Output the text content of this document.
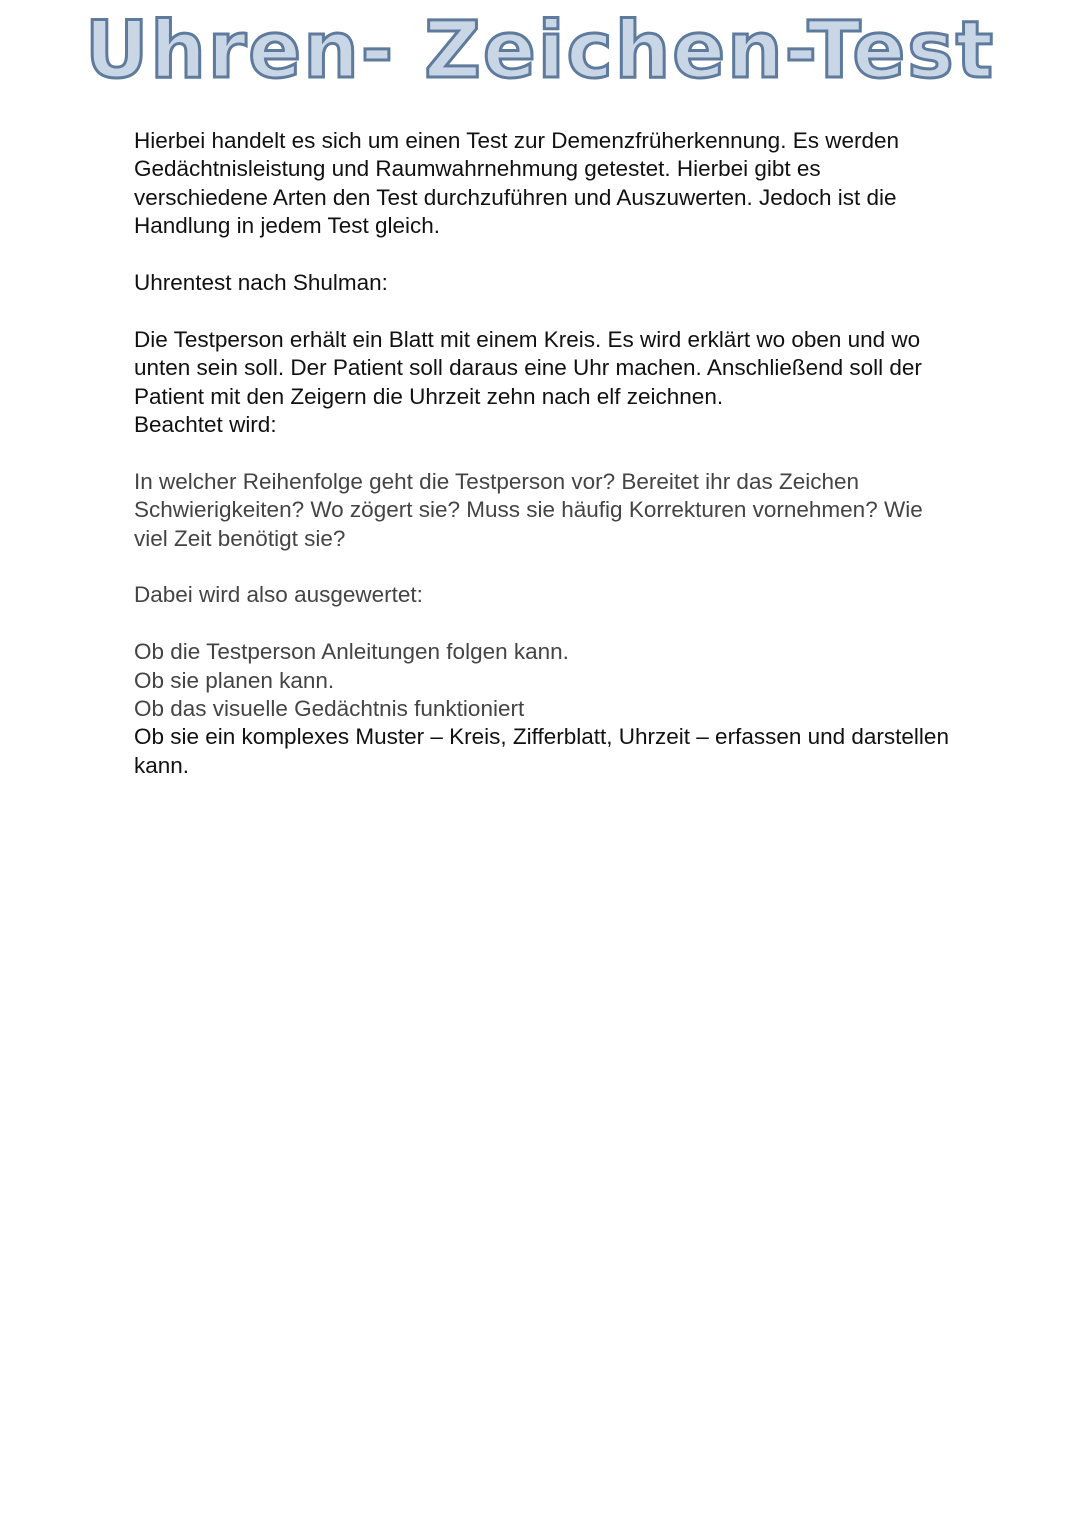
Uhren- Zeichen-Test

Hierbei handelt es sich um einen Test zur Demenzfrüherkennung. Es werden Gedächtnisleistung und Raumwahrnehmung getestet. Hierbei gibt es verschiedene Arten den Test durchzuführen und Auszuwerten. Jedoch ist die Handlung in jedem Test gleich.

Uhrentest nach Shulman:

Die Testperson erhält ein Blatt mit einem Kreis. Es wird erklärt wo oben und wo unten sein soll. Der Patient soll daraus eine Uhr machen. Anschließend soll der Patient mit den Zeigern die Uhrzeit zehn nach elf zeichnen.

Beachtet wird:

In welcher Reihenfolge geht die Testperson vor? Bereitet ihr das Zeichen Schwierigkeiten? Wo zögert sie? Muss sie häufig Korrekturen vornehmen? Wie viel Zeit benötigt sie?

Dabei wird also ausgewertet:

Ob die Testperson Anleitungen folgen kann.

Ob sie planen kann.

Ob das visuelle Gedächtnis funktioniert

Ob sie ein komplexes Muster – Kreis, Zifferblatt, Uhrzeit – erfassen und darstellen kann.
